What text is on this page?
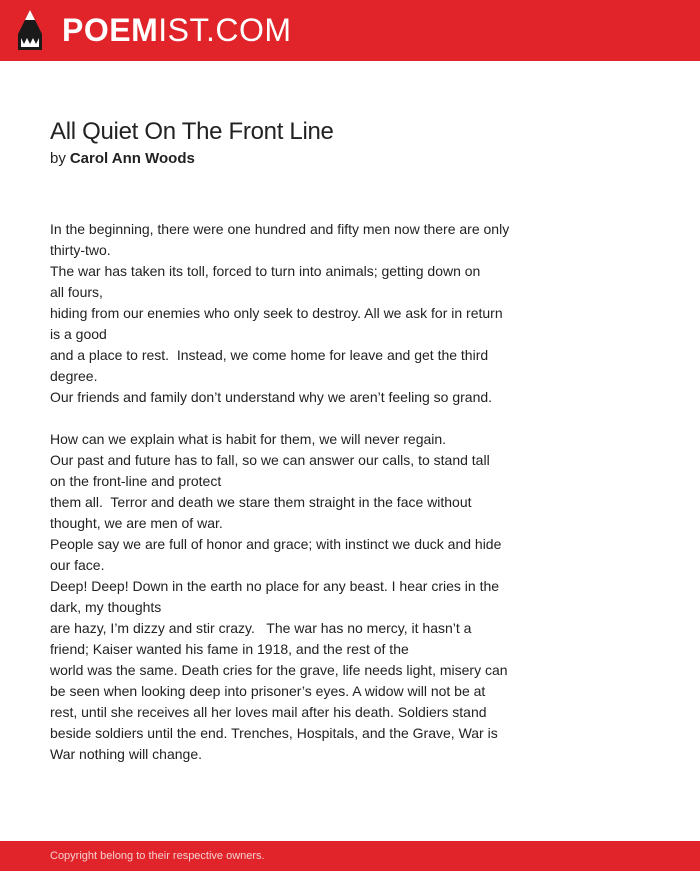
POEMIST.COM
All Quiet On The Front Line
by Carol Ann Woods
In the beginning, there were one hundred and fifty men now there are only
thirty-two.
The war has taken its toll, forced to turn into animals; getting down on
all fours,
hiding from our enemies who only seek to destroy. All we ask for in return
is a good
and a place to rest.  Instead, we come home for leave and get the third
degree.
Our friends and family don’t understand why we aren’t feeling so grand.
How can we explain what is habit for them, we will never regain.
Our past and future has to fall, so we can answer our calls, to stand tall
on the front-line and protect
them all.  Terror and death we stare them straight in the face without
thought, we are men of war.
People say we are full of honor and grace; with instinct we duck and hide
our face.
Deep! Deep! Down in the earth no place for any beast. I hear cries in the
dark, my thoughts
are hazy, I’m dizzy and stir crazy.   The war has no mercy, it hasn’t a
friend; Kaiser wanted his fame in 1918, and the rest of the
world was the same. Death cries for the grave, life needs light, misery can
be seen when looking deep into prisoner’s eyes. A widow will not be at
rest, until she receives all her loves mail after his death. Soldiers stand
beside soldiers until the end. Trenches, Hospitals, and the Grave, War is
War nothing will change.
Copyright belong to their respective owners.
